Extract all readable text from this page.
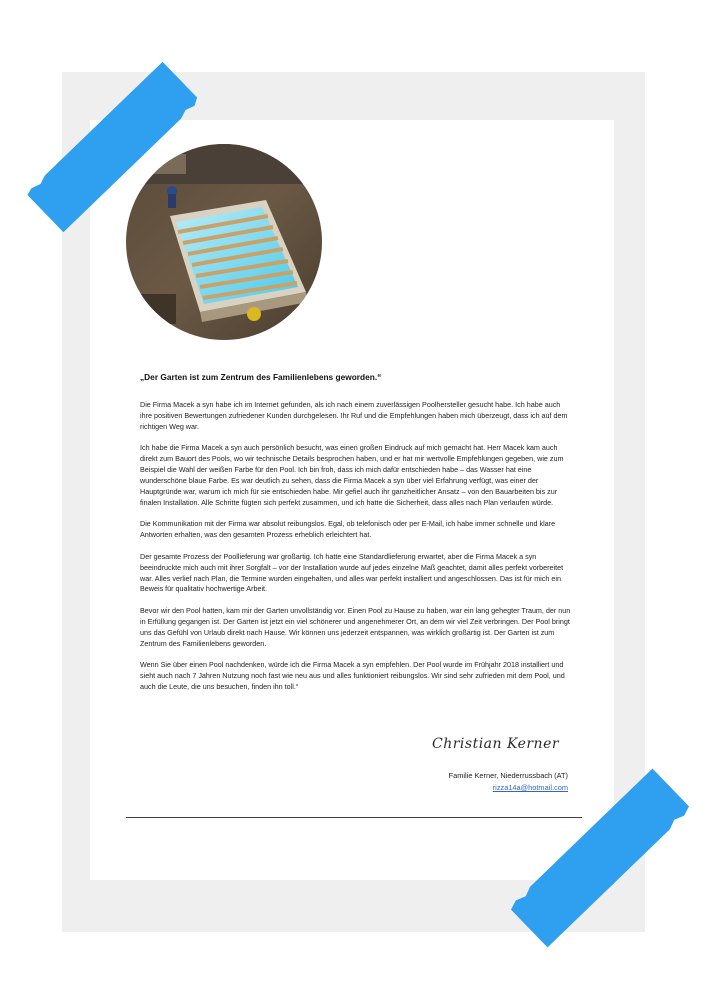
„Der Garten ist zum Zentrum des Familienlebens geworden.“

Die Firma Macek a syn habe ich im Internet gefunden, als ich nach einem zuverlässigen Poolhersteller gesucht habe. Ich habe auch ihre positiven Bewertungen zufriedener Kunden durchgelesen. Ihr Ruf und die Empfehlungen haben mich überzeugt, dass ich auf dem richtigen Weg war.

Ich habe die Firma Macek a syn auch persönlich besucht, was einen großen Eindruck auf mich gemacht hat. Herr Macek kam auch direkt zum Bauort des Pools, wo wir technische Details besprochen haben, und er hat mir wertvolle Empfehlungen gegeben, wie zum Beispiel die Wahl der weißen Farbe für den Pool. Ich bin froh, dass ich mich dafür entschieden habe – das Wasser hat eine wunderschöne blaue Farbe. Es war deutlich zu sehen, dass die Firma Macek a syn über viel Erfahrung verfügt, was einer der Hauptgründe war, warum ich mich für sie entschieden habe. Mir gefiel auch ihr ganzheitlicher Ansatz – von den Bauarbeiten bis zur finalen Installation. Alle Schritte fügten sich perfekt zusammen, und ich hatte die Sicherheit, dass alles nach Plan verlaufen würde.

Die Kommunikation mit der Firma war absolut reibungslos. Egal, ob telefonisch oder per E-Mail, ich habe immer schnelle und klare Antworten erhalten, was den gesamten Prozess erheblich erleichtert hat.

Der gesamte Prozess der Poollieferung war großartig. Ich hatte eine Standardlieferung erwartet, aber die Firma Macek a syn beeindruckte mich auch mit ihrer Sorgfalt – vor der Installation wurde auf jedes einzelne Maß geachtet, damit alles perfekt vorbereitet war. Alles verlief nach Plan, die Termine wurden eingehalten, und alles war perfekt installiert und angeschlossen. Das ist für mich ein Beweis für qualitativ hochwertige Arbeit.

Bevor wir den Pool hatten, kam mir der Garten unvollständig vor. Einen Pool zu Hause zu haben, war ein lang gehegter Traum, der nun in Erfüllung gegangen ist. Der Garten ist jetzt ein viel schönerer und angenehmerer Ort, an dem wir viel Zeit verbringen. Der Pool bringt uns das Gefühl von Urlaub direkt nach Hause. Wir können uns jederzeit entspannen, was wirklich großartig ist. Der Garten ist zum Zentrum des Familienlebens geworden.

Wenn Sie über einen Pool nachdenken, würde ich die Firma Macek a syn empfehlen. Der Pool wurde im Frühjahr 2018 installiert und sieht auch nach 7 Jahren Nutzung noch fast wie neu aus und alles funktioniert reibungslos. Wir sind sehr zufrieden mit dem Pool, und auch die Leute, die uns besuchen, finden ihn toll.“

Christian Kerner
Familie Kerner, Niederrussbach (AT)
rizza14a@hotmail.com
